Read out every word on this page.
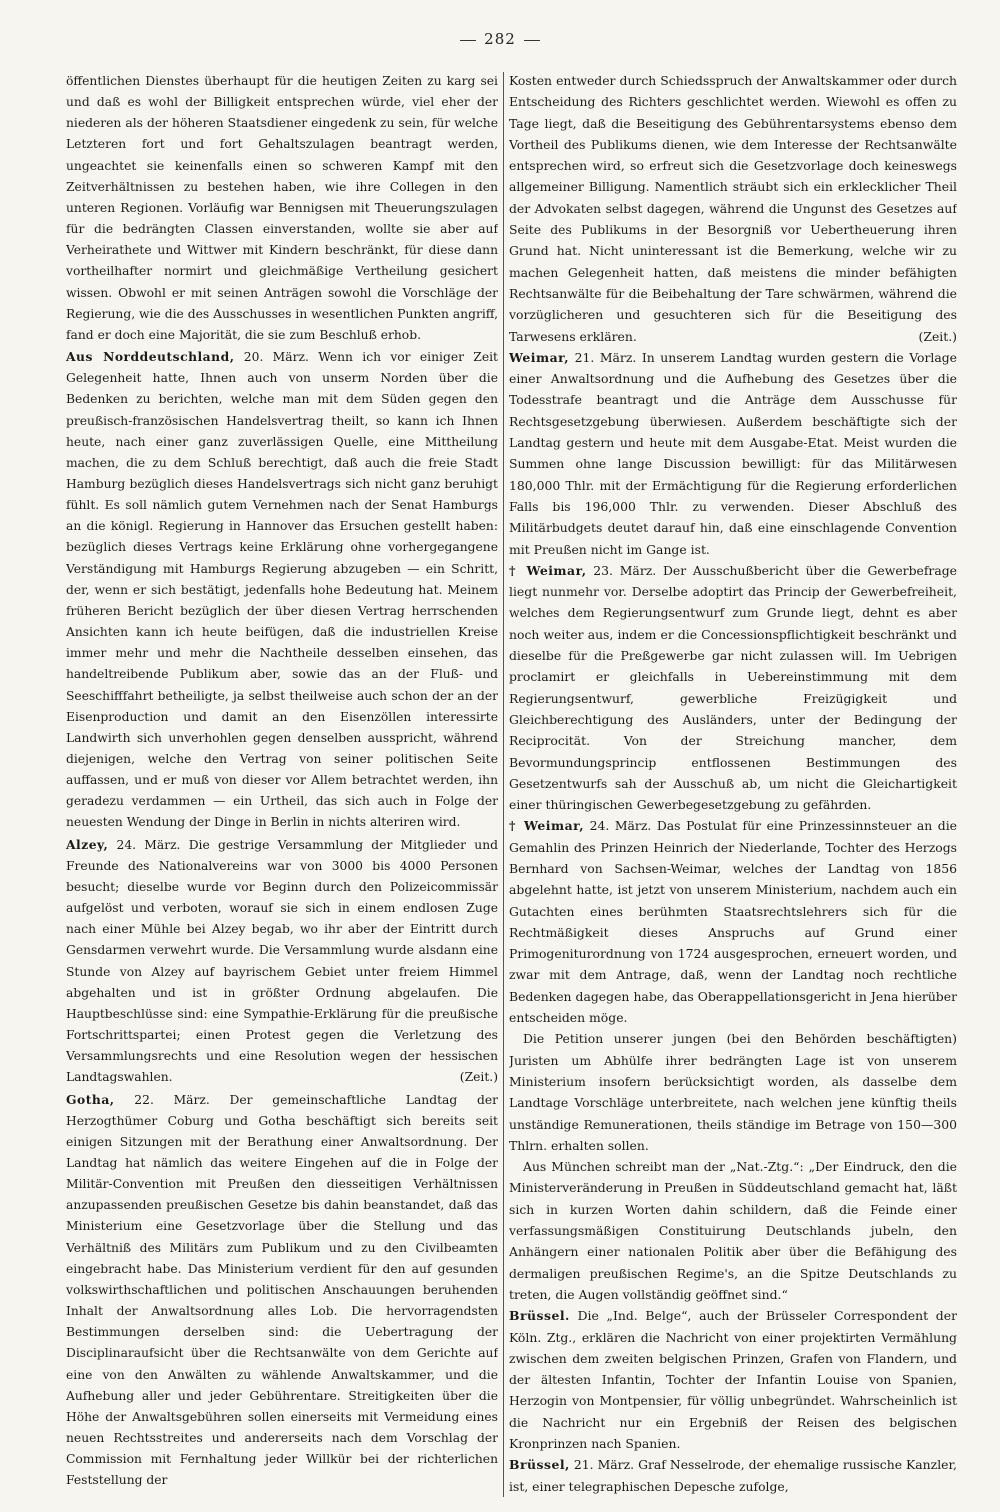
282

öffentlichen Dienstes überhaupt für die heutigen Zeiten zu karg sei und daß es wohl der Billigkeit entsprechen würde, viel eher der niederen als der höheren Staatsdiener eingedenk zu sein, für welche Letzteren fort und fort Gehaltszulagen beantragt werden, ungeachtet sie keinenfalls einen so schweren Kampf mit den Zeitverhältnissen zu bestehen haben, wie ihre Collegen in den unteren Regionen. Vorläufig war Bennigsen mit Theuerungszulagen für die bedrängten Classen einverstanden, wollte sie aber auf Verheirathete und Wittwer mit Kindern beschränkt, für diese dann vortheilhafter normirt und gleichmäßige Vertheilung gesichert wissen. Obwohl er mit seinen Anträgen sowohl die Vorschläge der Regierung, wie die des Ausschusses in wesentlichen Punkten angriff, fand er doch eine Majorität, die sie zum Beschluß erhob.

Aus Norddeutschland, 20. März. Wenn ich vor einiger Zeit Gelegenheit hatte, Ihnen auch von unserm Norden über die Bedenken zu berichten, welche man mit dem Süden gegen den preußisch-französischen Handelsvertrag theilt, so kann ich Ihnen heute, nach einer ganz zuverlässigen Quelle, eine Mittheilung machen, die zu dem Schluß berechtigt, daß auch die freie Stadt Hamburg bezüglich dieses Handelsvertrags sich nicht ganz beruhigt fühlt. Es soll nämlich gutem Vernehmen nach der Senat Hamburgs an die königl. Regierung in Hannover das Ersuchen gestellt haben: bezüglich dieses Vertrags keine Erklärung ohne vorhergegangene Verständigung mit Hamburgs Regierung abzugeben — ein Schritt, der, wenn er sich bestätigt, jedenfalls hohe Bedeutung hat. Meinem früheren Bericht bezüglich der über diesen Vertrag herrschenden Ansichten kann ich heute beifügen, daß die industriellen Kreise immer mehr und mehr die Nachtheile desselben einsehen, das handeltreibende Publikum aber, sowie das an der Fluß- und Seeschifffahrt betheiligte, ja selbst theilweise auch schon der an der Eisenproduction und damit an den Eisenzöllen interessirte Landwirth sich unverhohlen gegen denselben ausspricht, während diejenigen, welche den Vertrag von seiner politischen Seite auffassen, und er muß von dieser vor Allem betrachtet werden, ihn geradezu verdammen — ein Urtheil, das sich auch in Folge der neuesten Wendung der Dinge in Berlin in nichts alteriren wird.

Alzey, 24. März. Die gestrige Versammlung der Mitglieder und Freunde des Nationalvereins war von 3000 bis 4000 Personen besucht; dieselbe wurde vor Beginn durch den Polizeicommissär aufgelöst und verboten, worauf sie sich in einem endlosen Zuge nach einer Mühle bei Alzey begab, wo ihr aber der Eintritt durch Gensdarmen verwehrt wurde. Die Versammlung wurde alsdann eine Stunde von Alzey auf bayrischem Gebiet unter freiem Himmel abgehalten und ist in größter Ordnung abgelaufen. Die Hauptbeschlüsse sind: eine Sympathie-Erklärung für die preußische Fortschrittspartei; einen Protest gegen die Verletzung des Versammlungsrechts und eine Resolution wegen der hessischen Landtagswahlen.	(Zeit.)

Gotha, 22. März. Der gemeinschaftliche Landtag der Herzogthümer Coburg und Gotha beschäftigt sich bereits seit einigen Sitzungen mit der Berathung einer Anwaltsordnung. Der Landtag hat nämlich das weitere Eingehen auf die in Folge der Militär-Convention mit Preußen den diesseitigen Verhältnissen anzupassenden preußischen Gesetze bis dahin beanstandet, daß das Ministerium eine Gesetzvorlage über die Stellung und das Verhältniß des Militärs zum Publikum und zu den Civilbeamten eingebracht habe. Das Ministerium verdient für den auf gesunden volkswirthschaftlichen und politischen Anschauungen beruhenden Inhalt der Anwaltsordnung alles Lob. Die hervorragendsten Bestimmungen derselben sind: die Uebertragung der Disciplinaraufsicht über die Rechtsanwälte von dem Gerichte auf eine von den Anwälten zu wählende Anwaltskammer, und die Aufhebung aller und jeder Gebührentare. Streitigkeiten über die Höhe der Anwaltsgebühren sollen einerseits mit Vermeidung eines neuen Rechtsstreites und andererseits nach dem Vorschlag der Commission mit Fernhaltung jeder Willkür bei der richterlichen Feststellung der

Kosten entweder durch Schiedsspruch der Anwaltskammer oder durch Entscheidung des Richters geschlichtet werden. Wiewohl es offen zu Tage liegt, daß die Beseitigung des Gebührentarsystems ebenso dem Vortheil des Publikums dienen, wie dem Interesse der Rechtsanwälte entsprechen wird, so erfreut sich die Gesetzvorlage doch keineswegs allgemeiner Billigung. Namentlich sträubt sich ein erklecklicher Theil der Advokaten selbst dagegen, während die Ungunst des Gesetzes auf Seite des Publikums in der Besorgniß vor Uebertheuerung ihren Grund hat. Nicht uninteressant ist die Bemerkung, welche wir zu machen Gelegenheit hatten, daß meistens die minder befähigten Rechtsanwälte für die Beibehaltung der Tare schwärmen, während die vorzüglicheren und gesuchteren sich für die Beseitigung des Tarwesens erklären.	(Zeit.)

Weimar, 21. März. In unserem Landtag wurden gestern die Vorlage einer Anwaltsordnung und die Aufhebung des Gesetzes über die Todesstrafe beantragt und die Anträge dem Ausschusse für Rechtsgesetzgebung überwiesen. Außerdem beschäftigte sich der Landtag gestern und heute mit dem Ausgabe-Etat. Meist wurden die Summen ohne lange Discussion bewilligt: für das Militärwesen 180,000 Thlr. mit der Ermächtigung für die Regierung erforderlichen Falls bis 196,000 Thlr. zu verwenden. Dieser Abschluß des Militärbudgets deutet darauf hin, daß eine einschlagende Convention mit Preußen nicht im Gange ist.

† Weimar, 23. März. Der Ausschußbericht über die Gewerbefrage liegt nunmehr vor. Derselbe adoptirt das Princip der Gewerbefreiheit, welches dem Regierungsentwurf zum Grunde liegt, dehnt es aber noch weiter aus, indem er die Concessionspflichtigkeit beschränkt und dieselbe für die Preßgewerbe gar nicht zulassen will. Im Uebrigen proclamirt er gleichfalls in Uebereinstimmung mit dem Regierungsentwurf, gewerbliche Freizügigkeit und Gleichberechtigung des Ausländers, unter der Bedingung der Reciprocität. Von der Streichung mancher, dem Bevormundungsprincip entflossenen Bestimmungen des Gesetzentwurfs sah der Ausschuß ab, um nicht die Gleichartigkeit einer thüringischen Gewerbegesetzgebung zu gefährden.

† Weimar, 24. März. Das Postulat für eine Prinzessinnsteuer an die Gemahlin des Prinzen Heinrich der Niederlande, Tochter des Herzogs Bernhard von Sachsen-Weimar, welches der Landtag von 1856 abgelehnt hatte, ist jetzt von unserem Ministerium, nachdem auch ein Gutachten eines berühmten Staatsrechtslehrers sich für die Rechtmäßigkeit dieses Anspruchs auf Grund einer Primogeniturordnung von 1724 ausgesprochen, erneuert worden, und zwar mit dem Antrage, daß, wenn der Landtag noch rechtliche Bedenken dagegen habe, das Oberappellationsgericht in Jena hierüber entscheiden möge.

Die Petition unserer jungen (bei den Behörden beschäftigten) Juristen um Abhülfe ihrer bedrängten Lage ist von unserem Ministerium insofern berücksichtigt worden, als dasselbe dem Landtage Vorschläge unterbreitete, nach welchen jene künftig theils unständige Remunerationen, theils ständige im Betrage von 150—300 Thlrn. erhalten sollen.

Aus München schreibt man der „Nat.-Ztg.“: „Der Eindruck, den die Ministerveränderung in Preußen in Süddeutschland gemacht hat, läßt sich in kurzen Worten dahin schildern, daß die Feinde einer verfassungsmäßigen Constituirung Deutschlands jubeln, den Anhängern einer nationalen Politik aber über die Befähigung des dermaligen preußischen Regime's, an die Spitze Deutschlands zu treten, die Augen vollständig geöffnet sind.“

Brüssel. Die „Ind. Belge“, auch der Brüsseler Correspondent der Köln. Ztg., erklären die Nachricht von einer projektirten Vermählung zwischen dem zweiten belgischen Prinzen, Grafen von Flandern, und der ältesten Infantin, Tochter der Infantin Louise von Spanien, Herzogin von Montpensier, für völlig unbegründet. Wahrscheinlich ist die Nachricht nur ein Ergebniß der Reisen des belgischen Kronprinzen nach Spanien.

Brüssel, 21. März. Graf Nesselrode, der ehemalige russische Kanzler, ist, einer telegraphischen Depesche zufolge,
